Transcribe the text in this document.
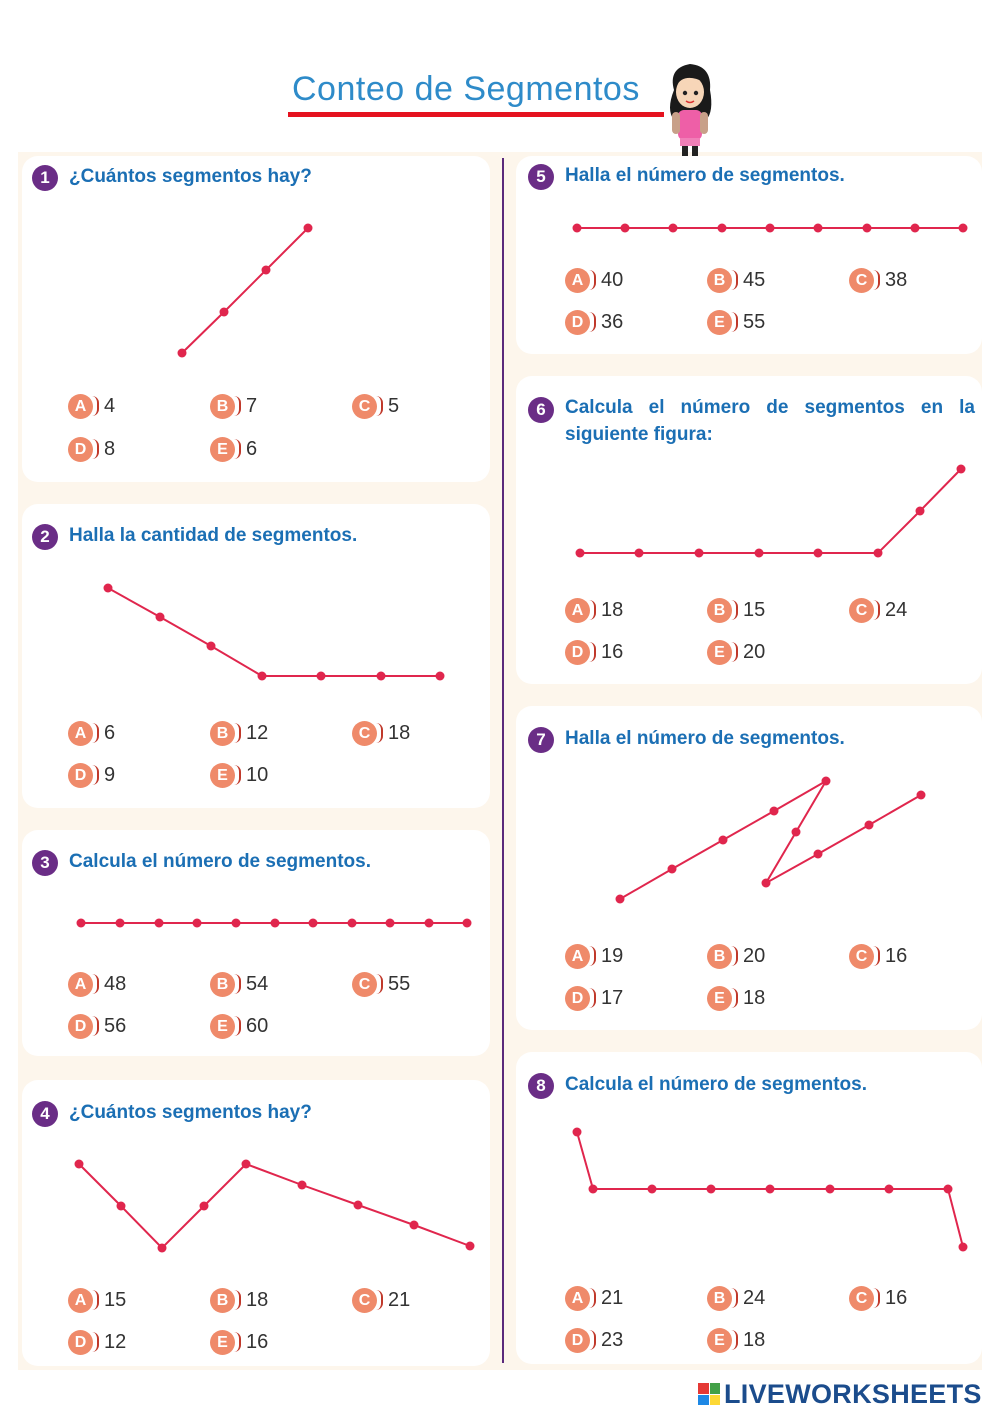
Conteo de Segmentos
1	¿Cuántos segmentos hay?
2	Halla la cantidad de segmentos.
3	Calcula el número de segmentos.
4	¿Cuántos segmentos hay?
5	Halla el número de segmentos.
6	Calcula el número de segmentos en la siguiente figura:
7	Halla el número de segmentos.
8	Calcula el número de segmentos.
A 4	B 7	C 5
D 8	E 6
A 6	B 12	C 18
D 9	E 10
A 48	B 54	C 55
D 56	E 60
A 15	B 18	C 21
D 12	E 16
A 40	B 45	C 38
D 36	E 55
A 18	B 15	C 24
D 16	E 20
A 19	B 20	C 16
D 17	E 18
A 21	B 24	C 16
D 23	E 18
LIVEWORKSHEETS
